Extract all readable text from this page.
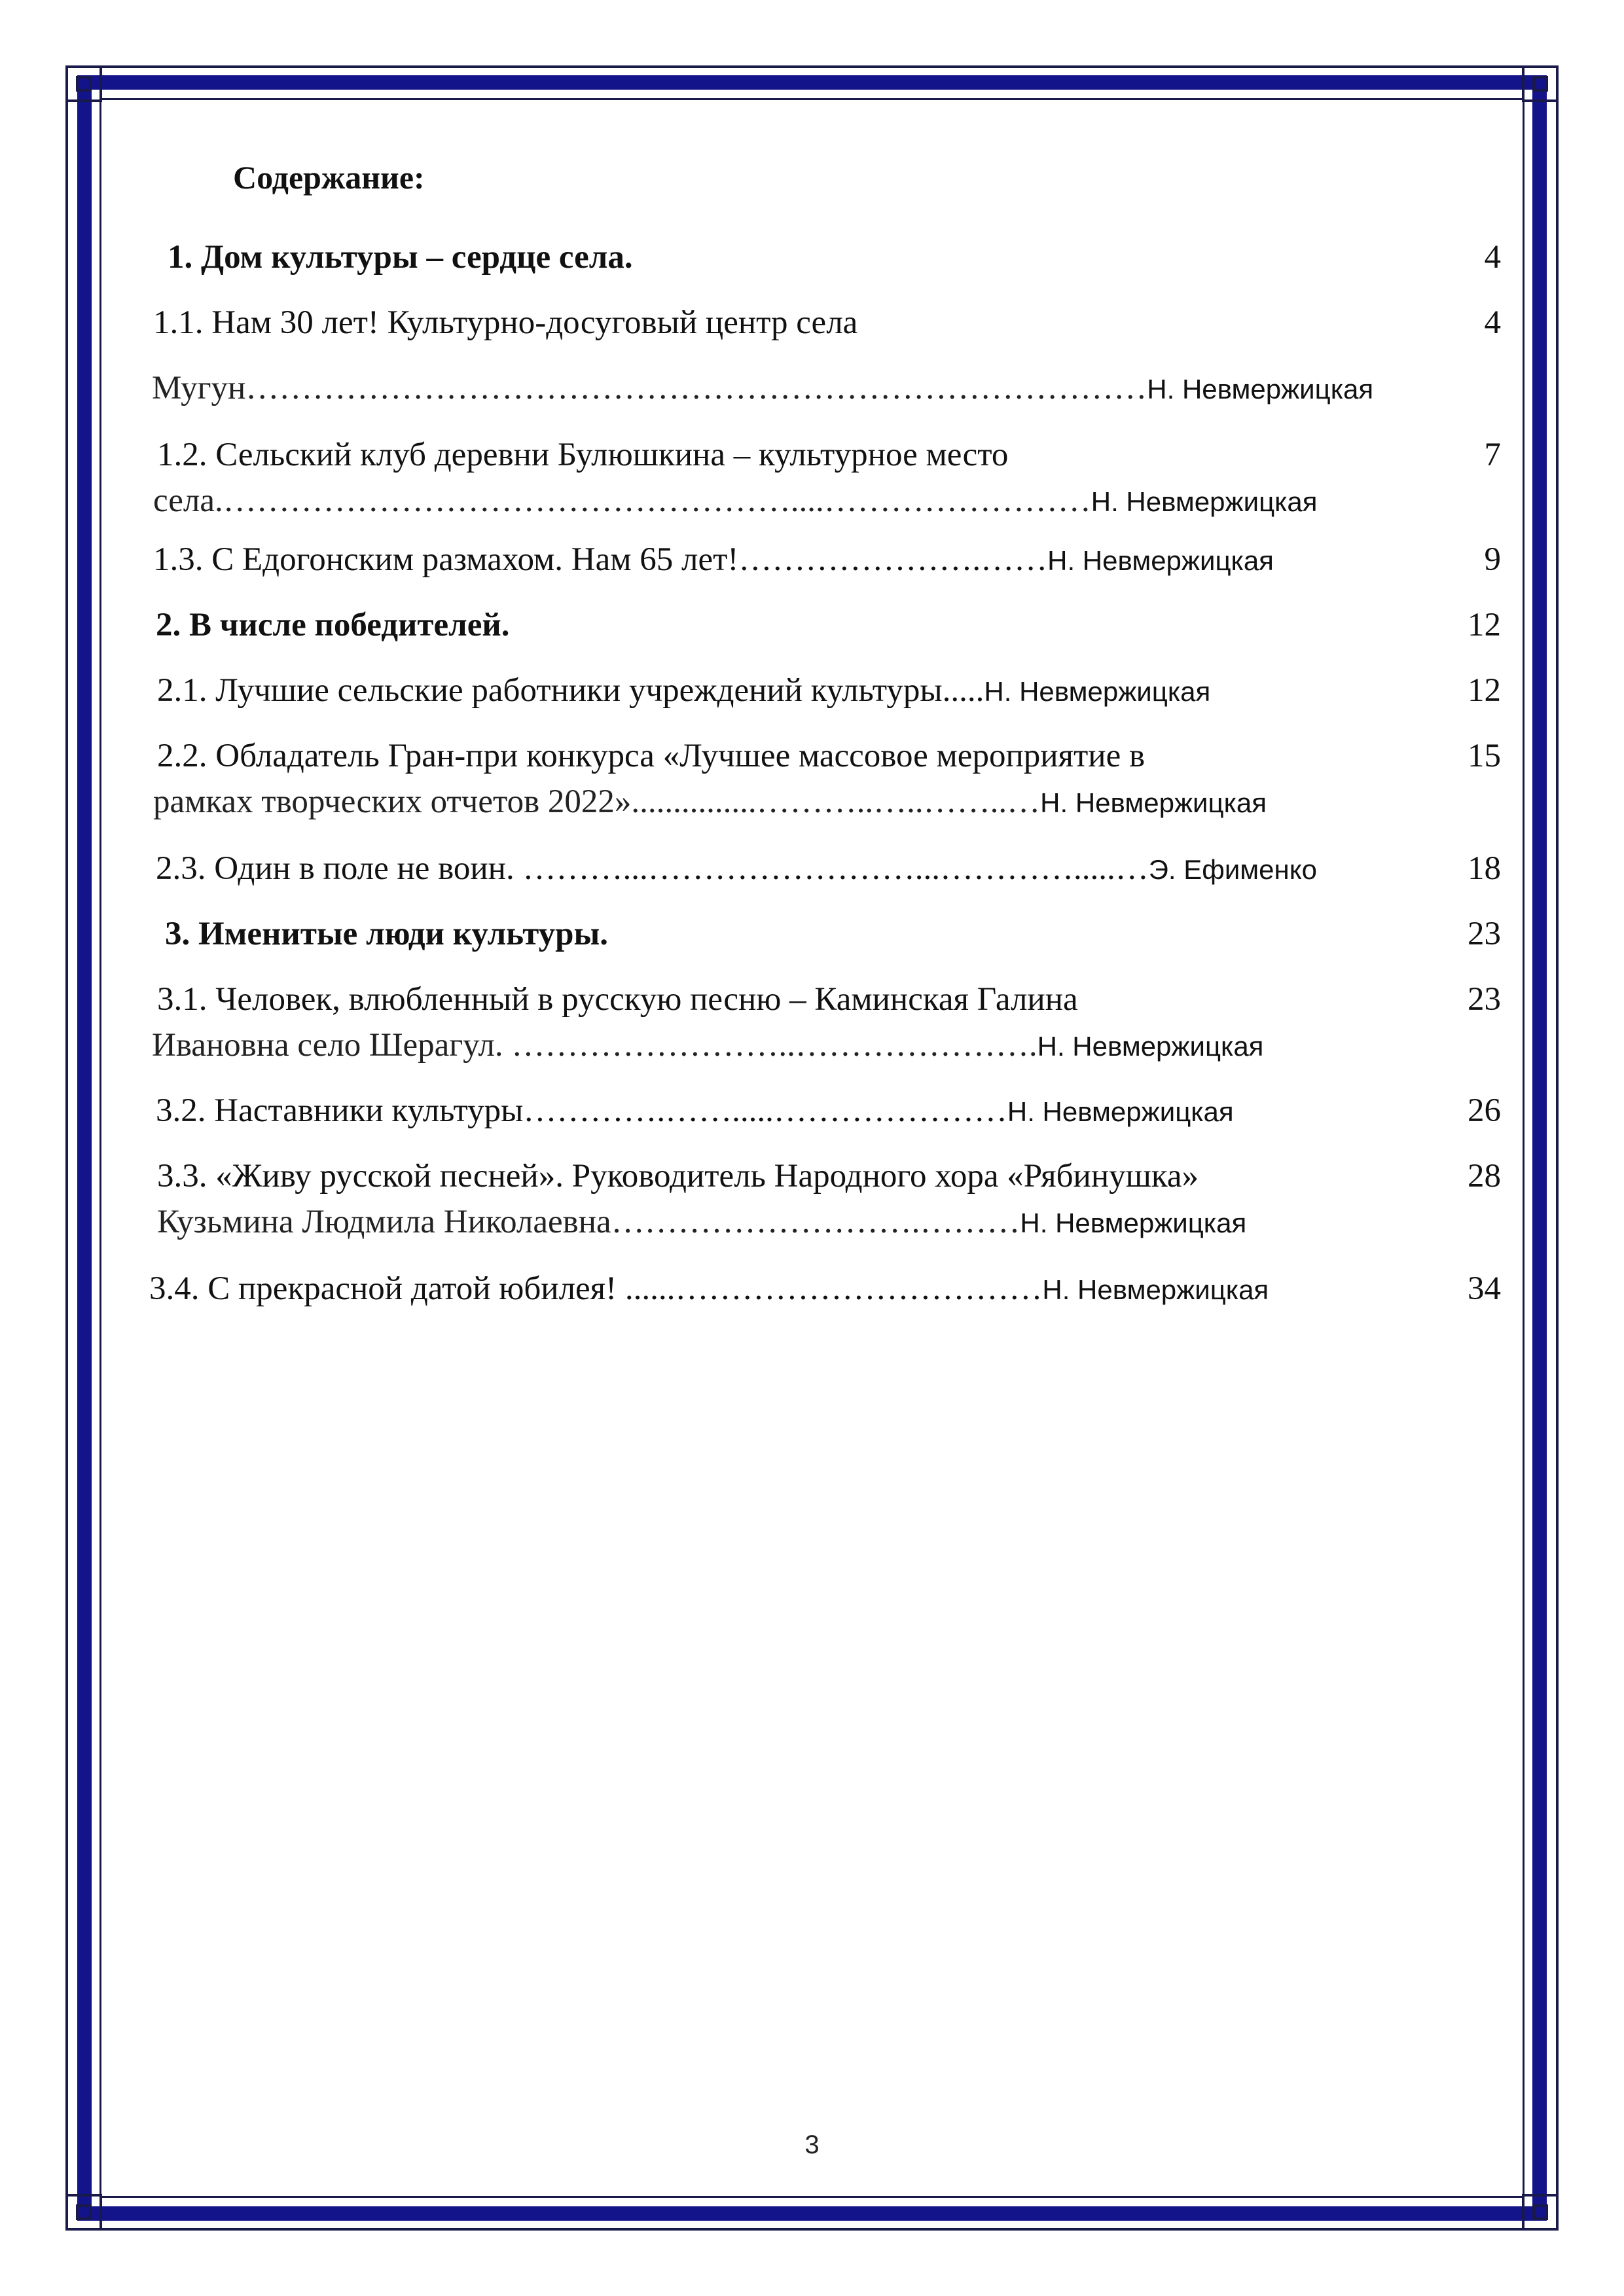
Содержание:
1. Дом культуры – сердце села.	4
1.1. Нам 30 лет! Культурно-досуговый центр села	4
Мугун………………………………………………………………………Н. Невмержицкая
1.2. Сельский клуб деревни Булюшкина – культурное место	7
села.……………………………………………....……………………Н. Невмержицкая
1.3. С Едогонским размахом. Нам 65 лет!………………….……Н. Невмержицкая	9
2. В числе победителей.	12
2.1. Лучшие сельские работники учреждений культуры.....Н. Невмержицкая	12
2.2. Обладатель Гран-при конкурса «Лучшее массовое мероприятие в	15
рамках творческих отчетов 2022»...............………..…..……..…Н. Невмержицкая
2.3. Один в поле не воин. ………...……………………...………….....…Э. Ефименко	18
3. Именитые люди культуры.	23
3.1. Человек, влюбленный в русскую песню – Каминская Галина	23
Ивановна село Шерагул. ……………………..………………….Н. Невмержицкая
3.2. Наставники культуры………….…….....…………………Н. Невмержицкая	26
3.3. «Живу русской песней». Руководитель Народного хора «Рябинушка»	28
Кузьмина Людмила Николаевна……………………….………Н. Невмержицкая
3.4. С прекрасной датой юбилея! ......……………………………Н. Невмержицкая	34
3
